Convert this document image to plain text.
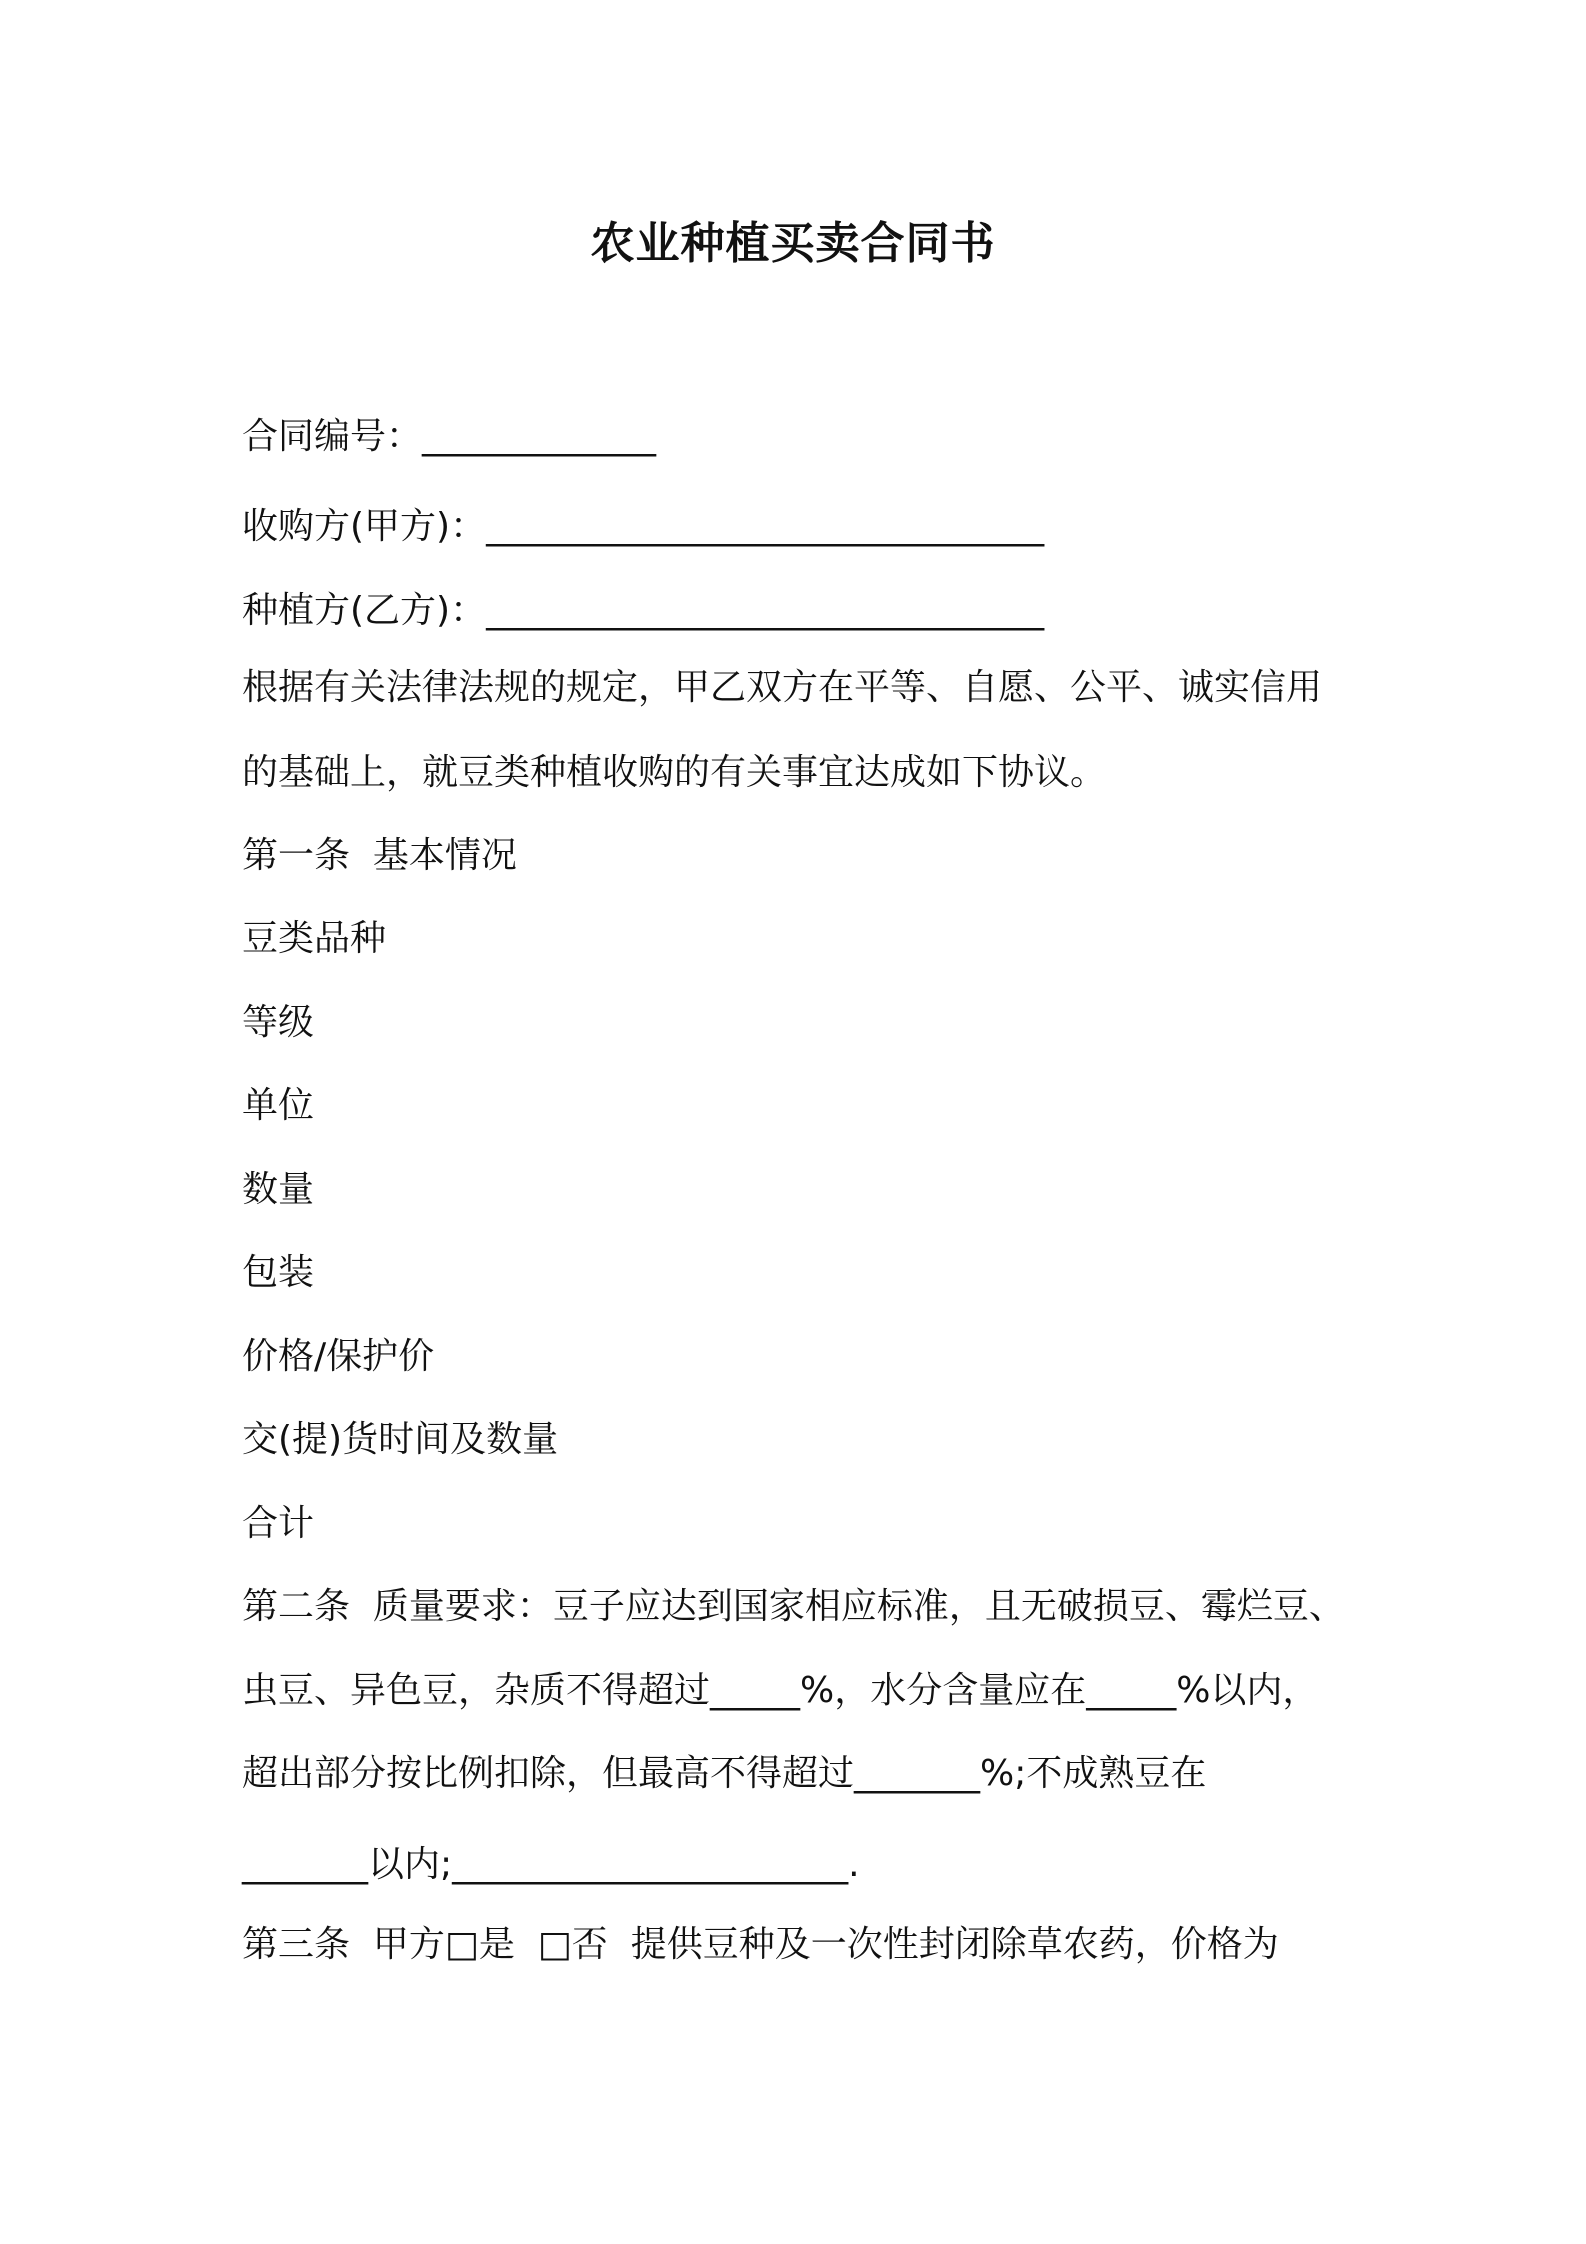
农业种植买卖合同书
合同编号：_____________
收购方(甲方)：_______________________________
种植方(乙方)：_______________________________
根据有关法律法规的规定，甲乙双方在平等、自愿、公平、诚实信用
的基础上，就豆类种植收购的有关事宜达成如下协议。
第一条  基本情况
豆类品种
等级
单位
数量
包装
价格/保护价
交(提)货时间及数量
合计
第二条  质量要求：豆子应达到国家相应标准，且无破损豆、霉烂豆、
虫豆、异色豆，杂质不得超过_____%，水分含量应在_____%以内，
超出部分按比例扣除，但最高不得超过_______%;不成熟豆在
_______以内;______________________.
第三条  甲方□是  □否  提供豆种及一次性封闭除草农药，价格为
